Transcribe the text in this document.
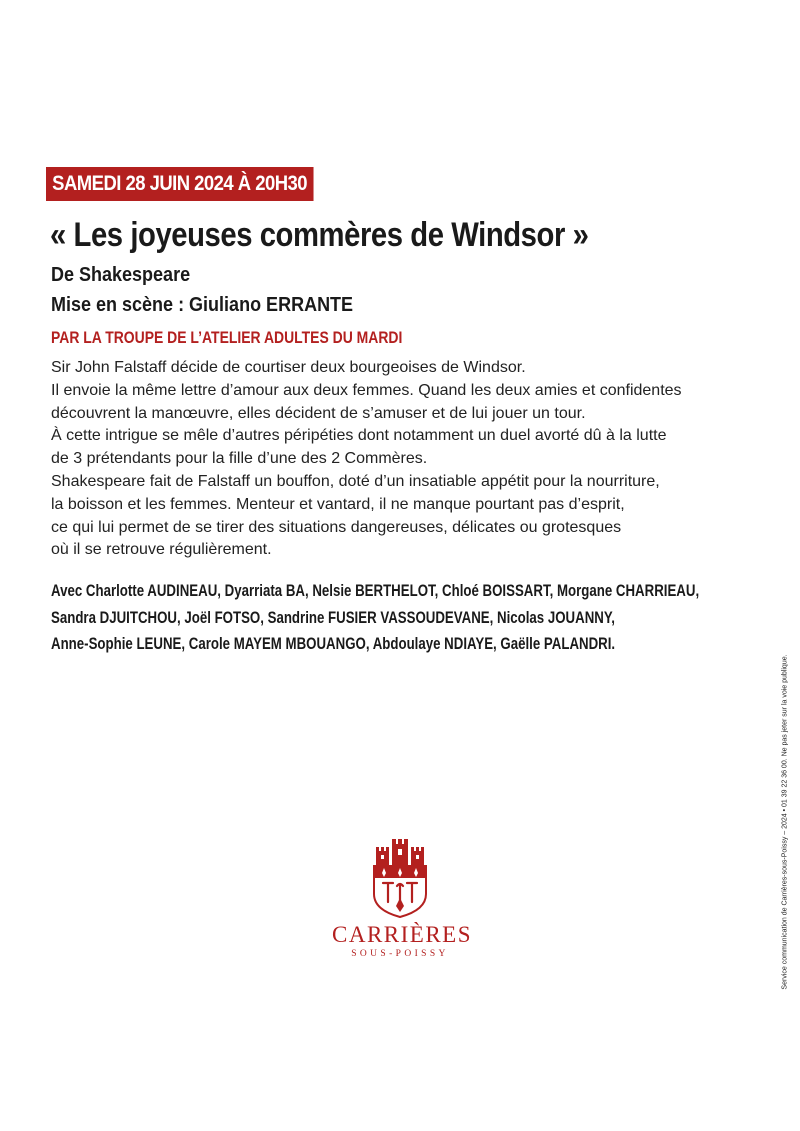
SAMEDI 28 JUIN 2024 À 20H30
« Les joyeuses commères de Windsor »

De Shakespeare

Mise en scène : Giuliano ERRANTE

PAR LA TROUPE DE L’ATELIER ADULTES DU MARDI

Sir John Falstaff décide de courtiser deux bourgeoises de Windsor.
Il envoie la même lettre d’amour aux deux femmes. Quand les deux amies et confidentes
découvrent la manœuvre, elles décident de s’amuser et de lui jouer un tour.
À cette intrigue se mêle d’autres péripéties dont notamment un duel avorté dû à la lutte
de 3 prétendants pour la fille d’une des 2 Commères.
Shakespeare fait de Falstaff un bouffon, doté d’un insatiable appétit pour la nourriture,
la boisson et les femmes. Menteur et vantard, il ne manque pourtant pas d’esprit,
ce qui lui permet de se tirer des situations dangereuses, délicates ou grotesques
où il se retrouve régulièrement.
Avec Charlotte AUDINEAU, Dyarriata BA, Nelsie BERTHELOT, Chloé BOISSART, Morgane CHARRIEAU,
Sandra DJUITCHOU, Joël FOTSO, Sandrine FUSIER VASSOUDEVANE, Nicolas JOUANNY,
Anne-Sophie LEUNE, Carole MAYEM MBOUANGO, Abdoulaye NDIAYE, Gaëlle PALANDRI.
Service communication de Carrières-sous-Poissy – 2024 • 01 39 22 36 00. Ne pas jeter sur la voie publique.
CARRIÈRES
SOUS-POISSY
